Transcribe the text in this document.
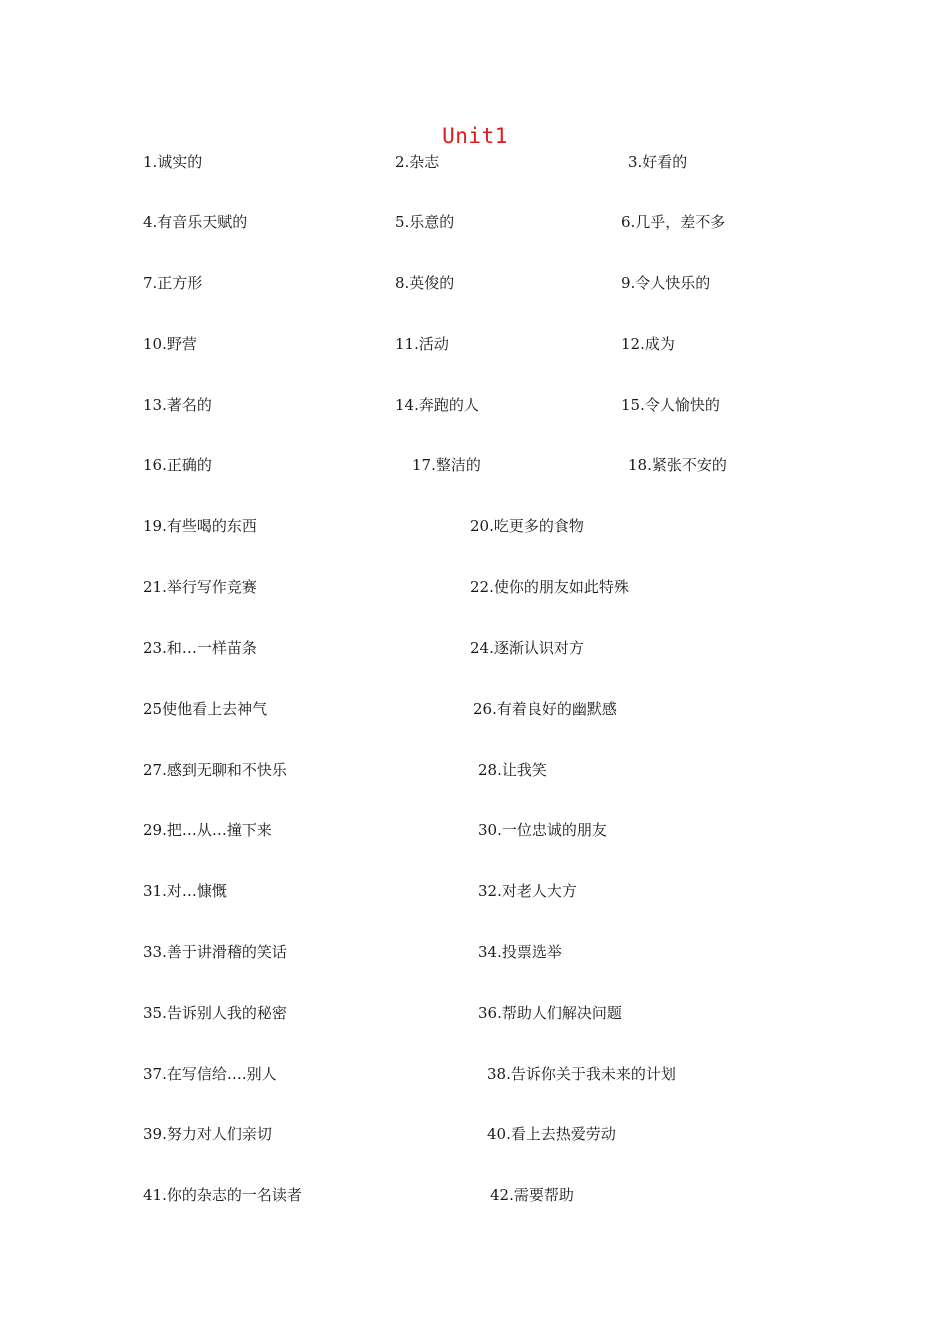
Unit1
1.诚实的	2.杂志	3.好看的
4.有音乐天赋的	5.乐意的	6.几乎，差不多
7.正方形	8.英俊的	9.令人快乐的
10.野营	11.活动	12.成为
13.著名的	14.奔跑的人	15.令人愉快的
16.正确的	17.整洁的	18.紧张不安的
19.有些喝的东西	20.吃更多的食物
21.举行写作竞赛	22.使你的朋友如此特殊
23.和…一样苗条	24.逐渐认识对方
25使他看上去神气	26.有着良好的幽默感
27.感到无聊和不快乐	28.让我笑
29.把…从…撞下来	30.一位忠诚的朋友
31.对…慷慨	32.对老人大方
33.善于讲滑稽的笑话	34.投票选举
35.告诉别人我的秘密	36.帮助人们解决问题
37.在写信给….别人	38.告诉你关于我未来的计划
39.努力对人们亲切	40.看上去热爱劳动
41.你的杂志的一名读者	42.需要帮助
